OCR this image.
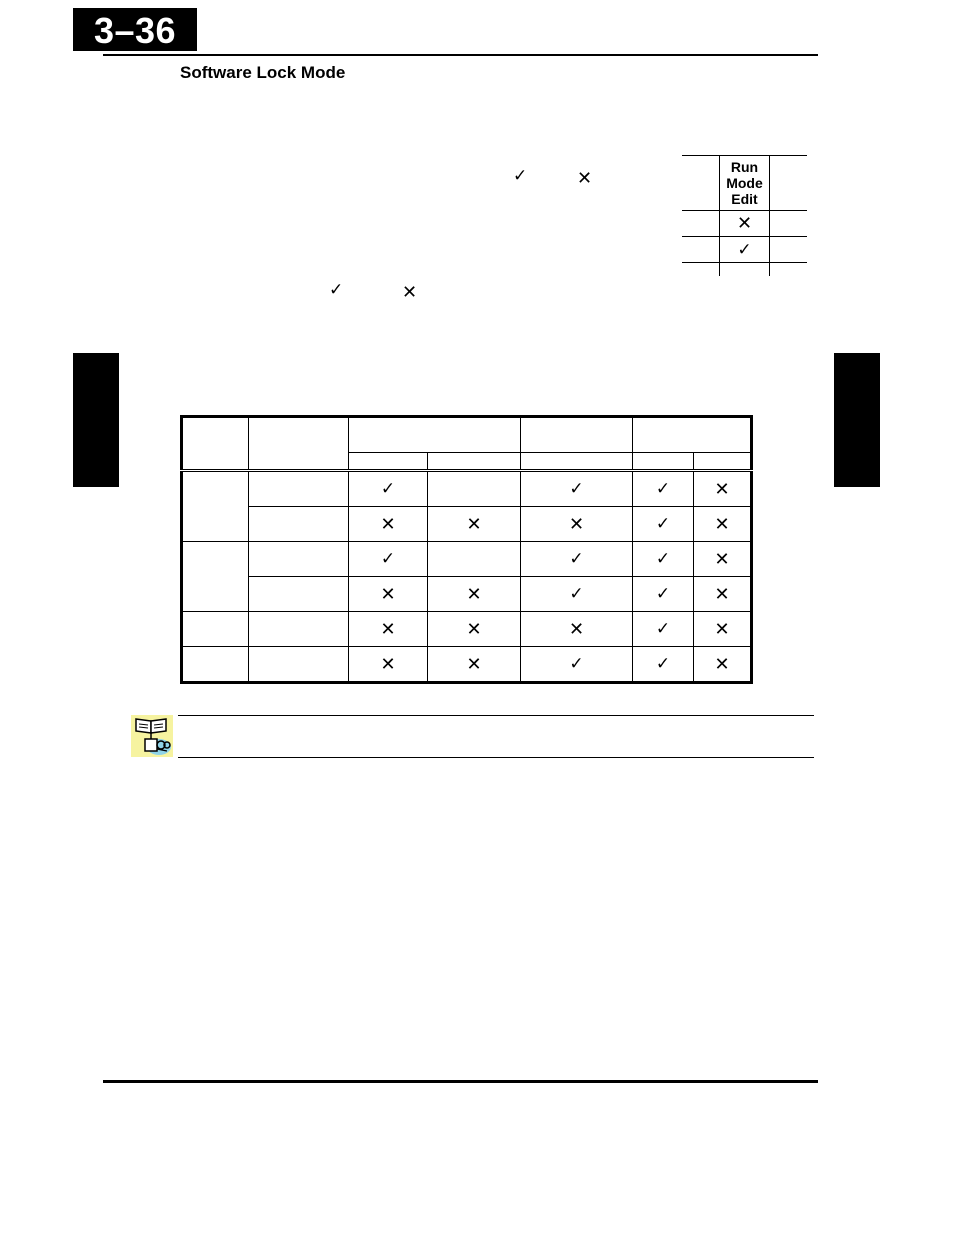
3–36
Software Lock Mode
✓	✕
✓	✕
	Run
Mode
Edit	
	✕	
	✓	

		✓		✓	✓	✕
		✕	✕	✕	✓	✕
		✓		✓	✓	✕
		✕	✕	✓	✓	✕
		✕	✕	✕	✓	✕
		✕	✕	✓	✓	✕
